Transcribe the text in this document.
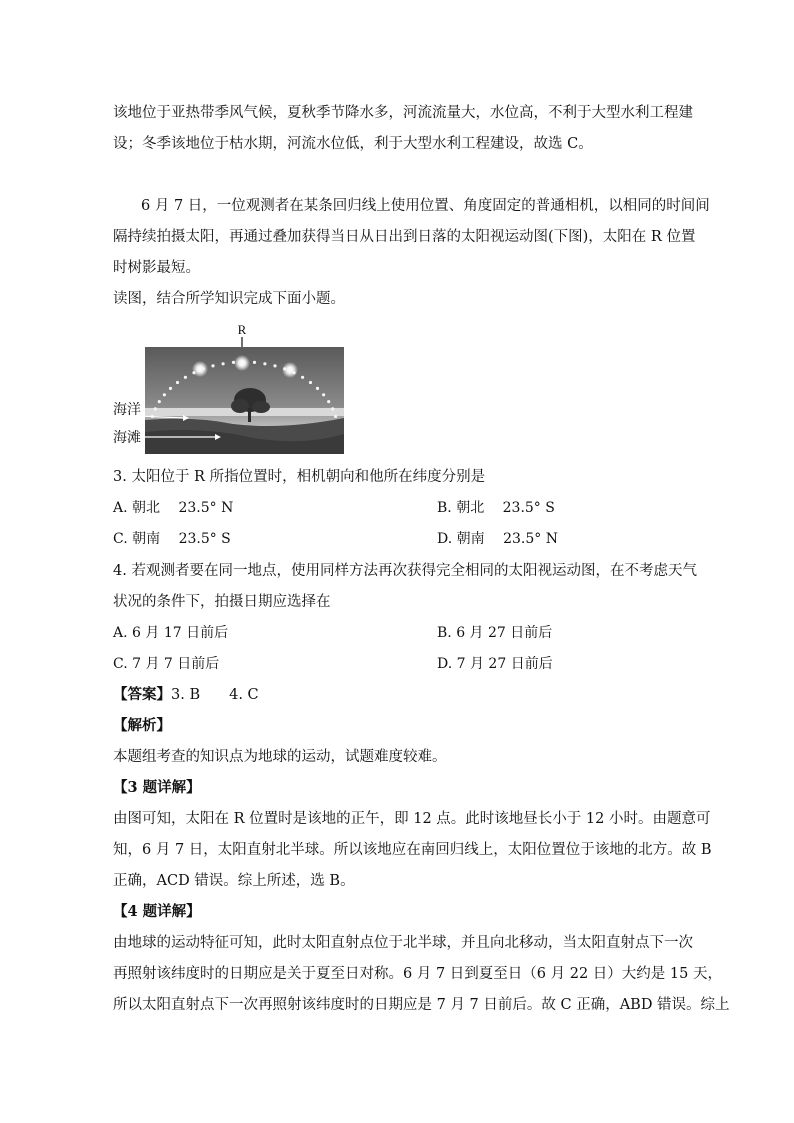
该地位于亚热带季风气候，夏秋季节降水多，河流流量大，水位高，不利于大型水利工程建
设；冬季该地位于枯水期，河流水位低，利于大型水利工程建设，故选 C。
6 月 7 日，一位观测者在某条回归线上使用位置、角度固定的普通相机，以相同的时间间
隔持续拍摄太阳，再通过叠加获得当日从日出到日落的太阳视运动图(下图)，太阳在 R 位置
时树影最短。
读图，结合所学知识完成下面小题。
R
海洋
海滩
3. 太阳位于 R 所指位置时，相机朝向和他所在纬度分别是
A. 朝北　 23.5° N	B. 朝北　 23.5° S
C. 朝南　 23.5° S	D. 朝南　 23.5° N
4. 若观测者要在同一地点，使用同样方法再次获得完全相同的太阳视运动图，在不考虑天气
状况的条件下，拍摄日期应选择在
A. 6 月 17 日前后	B. 6 月 27 日前后
C. 7 月 7 日前后	D. 7 月 27 日前后
【答案】3. B　　4. C
【解析】
本题组考查的知识点为地球的运动，试题难度较难。
【3 题详解】
由图可知，太阳在 R 位置时是该地的正午，即 12 点。此时该地昼长小于 12 小时。由题意可
知，6 月 7 日，太阳直射北半球。所以该地应在南回归线上，太阳位置位于该地的北方。故 B
正确，ACD 错误。综上所述，选 B。
【4 题详解】
由地球的运动特征可知，此时太阳直射点位于北半球，并且向北移动，当太阳直射点下一次
再照射该纬度时的日期应是关于夏至日对称。6 月 7 日到夏至日（6 月 22 日）大约是 15 天，
所以太阳直射点下一次再照射该纬度时的日期应是 7 月 7 日前后。故 C 正确，ABD 错误。综上
